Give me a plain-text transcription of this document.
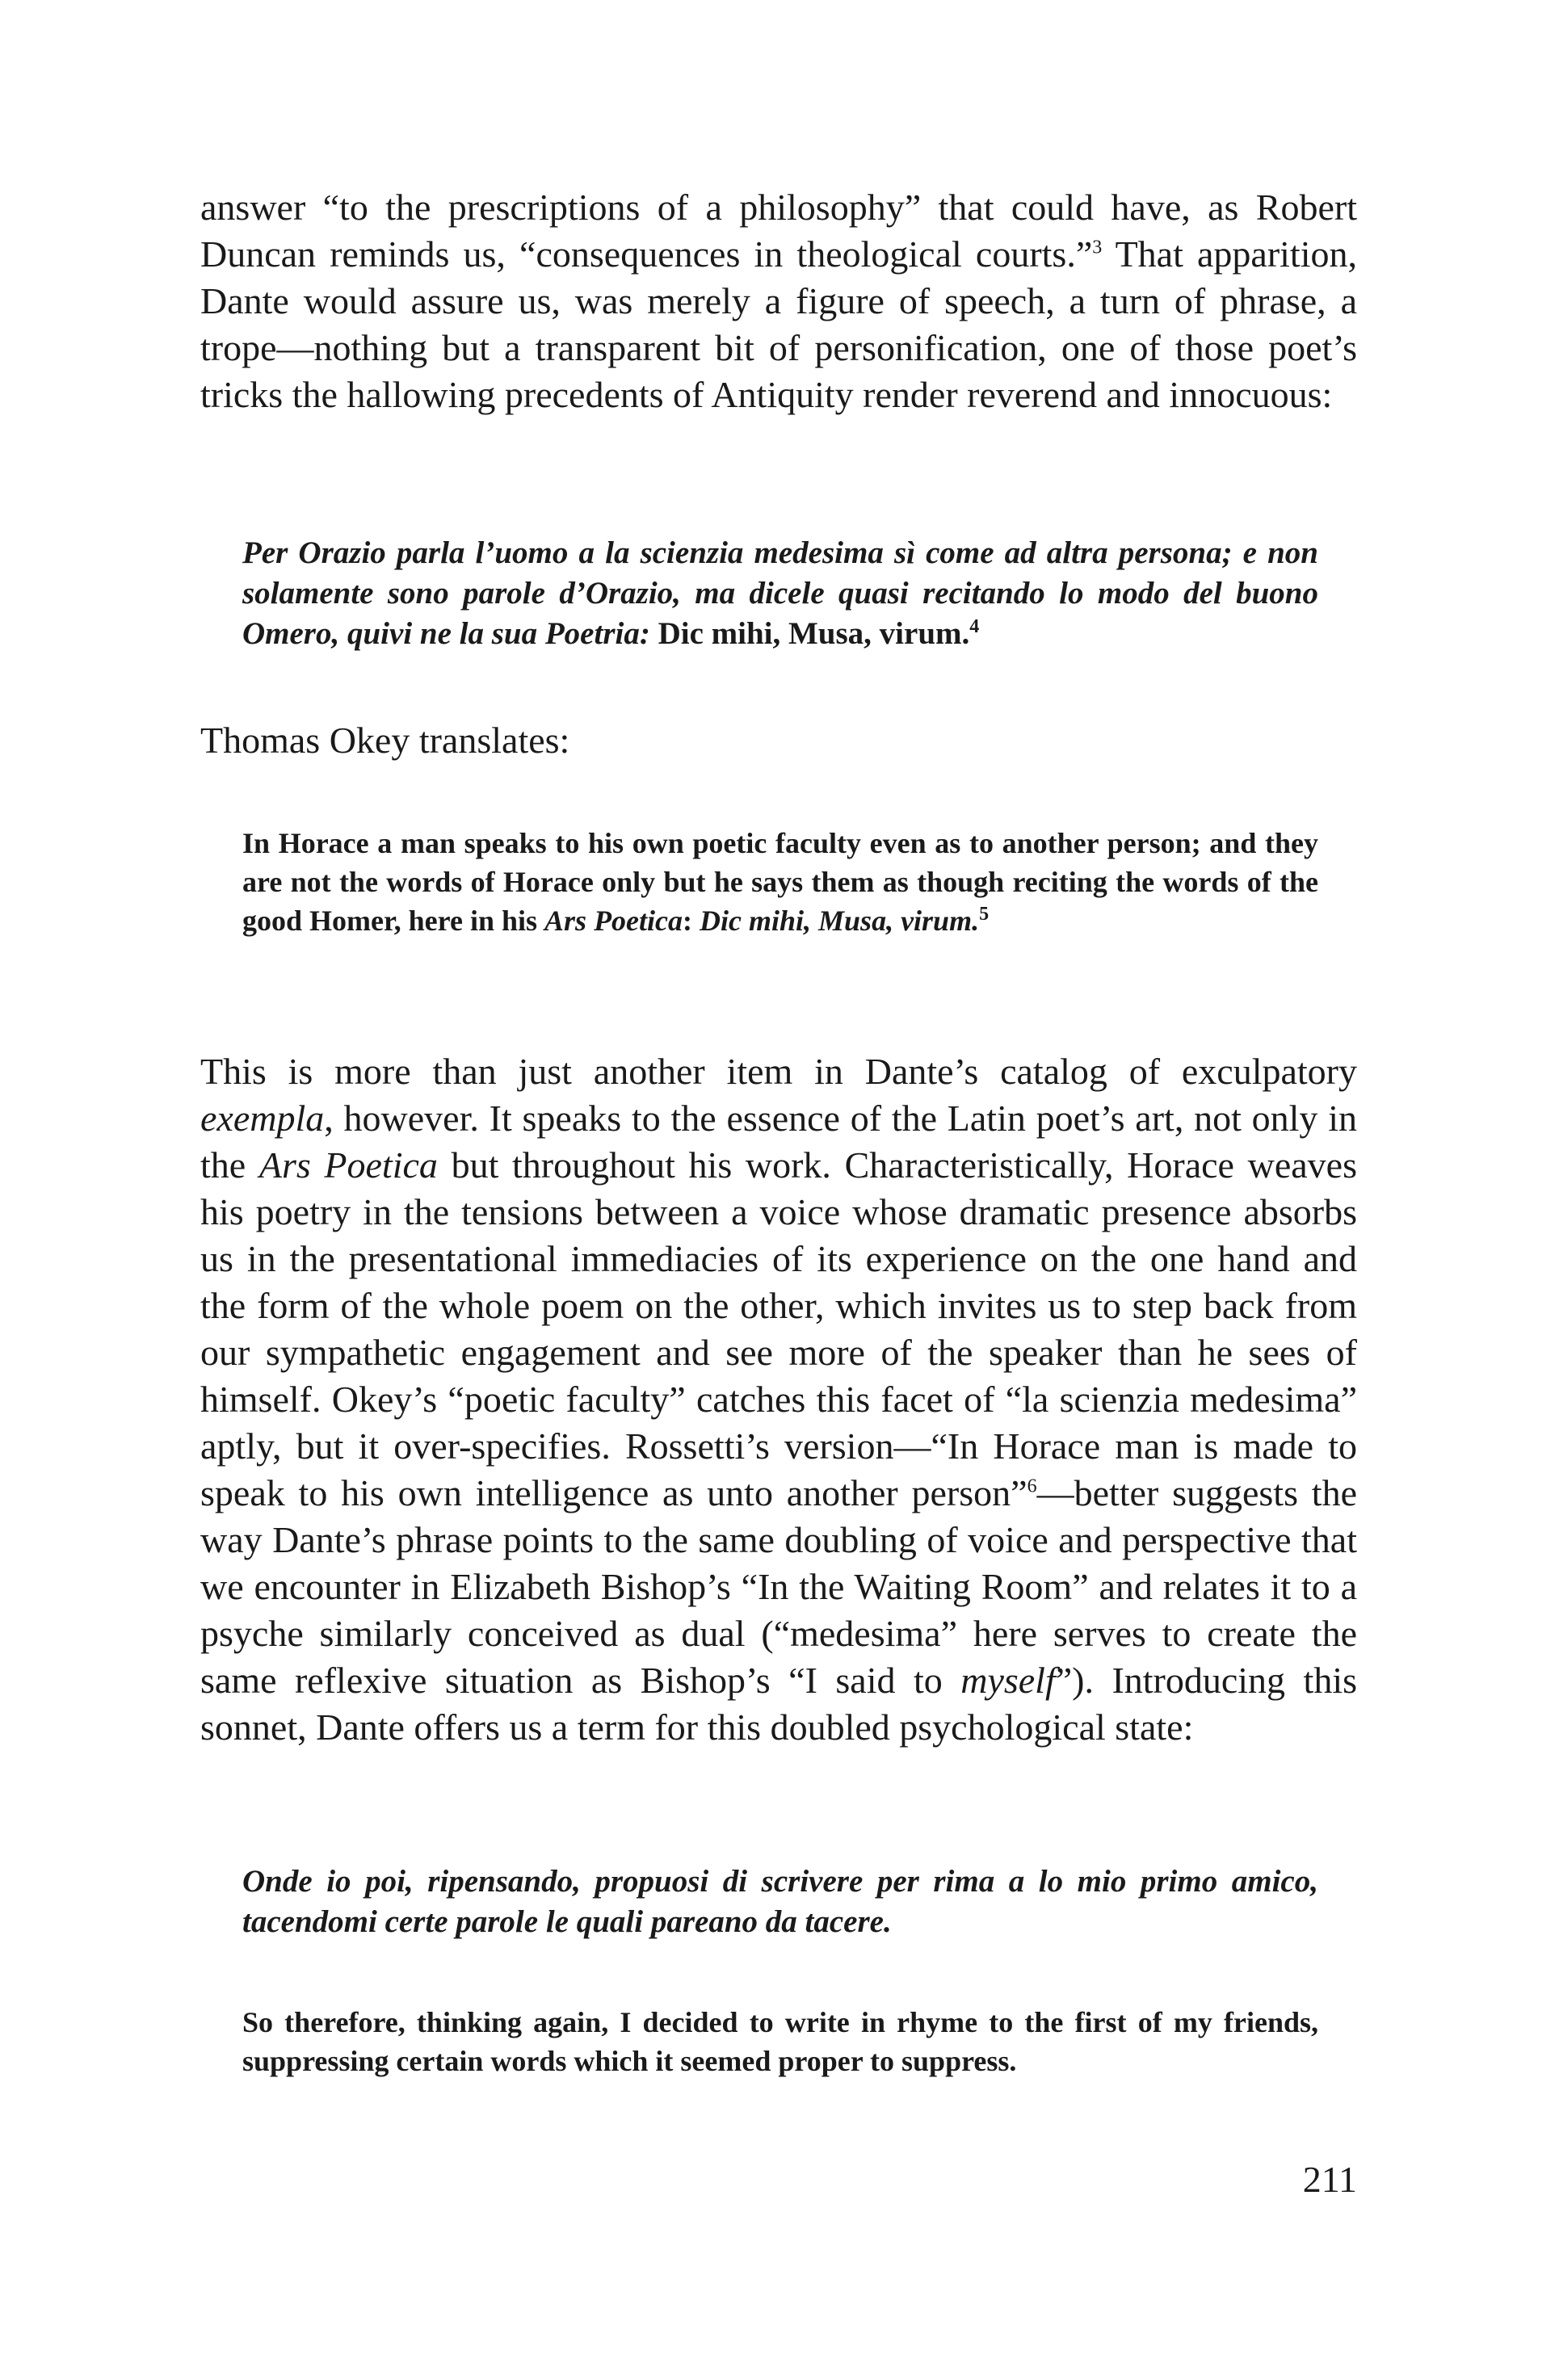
answer “to the prescriptions of a philosophy” that could have, as Robert Duncan reminds us, “consequences in theological courts.”$^3$ That apparition, Dante would assure us, was merely a figure of speech, a turn of phrase, a trope—nothing but a transparent bit of personification, one of those poet’s tricks the hallowing precedents of Antiquity render reverend and innocuous:

Per Orazio parla l’uomo a la scienzia medesima sì come ad altra persona; e non solamente sono parole d’Orazio, ma dicele quasi recitando lo modo del buono Omero, quivi ne la sua Poetria: Dic mihi, Musa, virum.$^4$

Thomas Okey translates:

In Horace a man speaks to his own poetic faculty even as to another person; and they are not the words of Horace only but he says them as though reciting the words of the good Homer, here in his Ars Poetica: Dic mihi, Musa, virum.$^5$

This is more than just another item in Dante’s catalog of exculpatory exempla, however. It speaks to the essence of the Latin poet’s art, not only in the Ars Poetica but throughout his work. Characteristically, Horace weaves his poetry in the tensions between a voice whose dramatic presence absorbs us in the presentational immediacies of its experience on the one hand and the form of the whole poem on the other, which invites us to step back from our sympathetic engagement and see more of the speaker than he sees of himself. Okey’s “poetic faculty” catches this facet of “la scienzia medesima” aptly, but it over-specifies. Rossetti’s version—“In Horace man is made to speak to his own intelligence as unto another person”$^6$—better suggests the way Dante’s phrase points to the same doubling of voice and perspective that we encounter in Elizabeth Bishop’s “In the Waiting Room” and relates it to a psyche similarly conceived as dual (“medesima” here serves to create the same reflexive situation as Bishop’s “I said to myself”). Introducing this sonnet, Dante offers us a term for this doubled psychological state:

Onde io poi, ripensando, propuosi di scrivere per rima a lo mio primo amico, tacendomi certe parole le quali pareano da tacere.

So therefore, thinking again, I decided to write in rhyme to the first of my friends, suppressing certain words which it seemed proper to suppress.

211
